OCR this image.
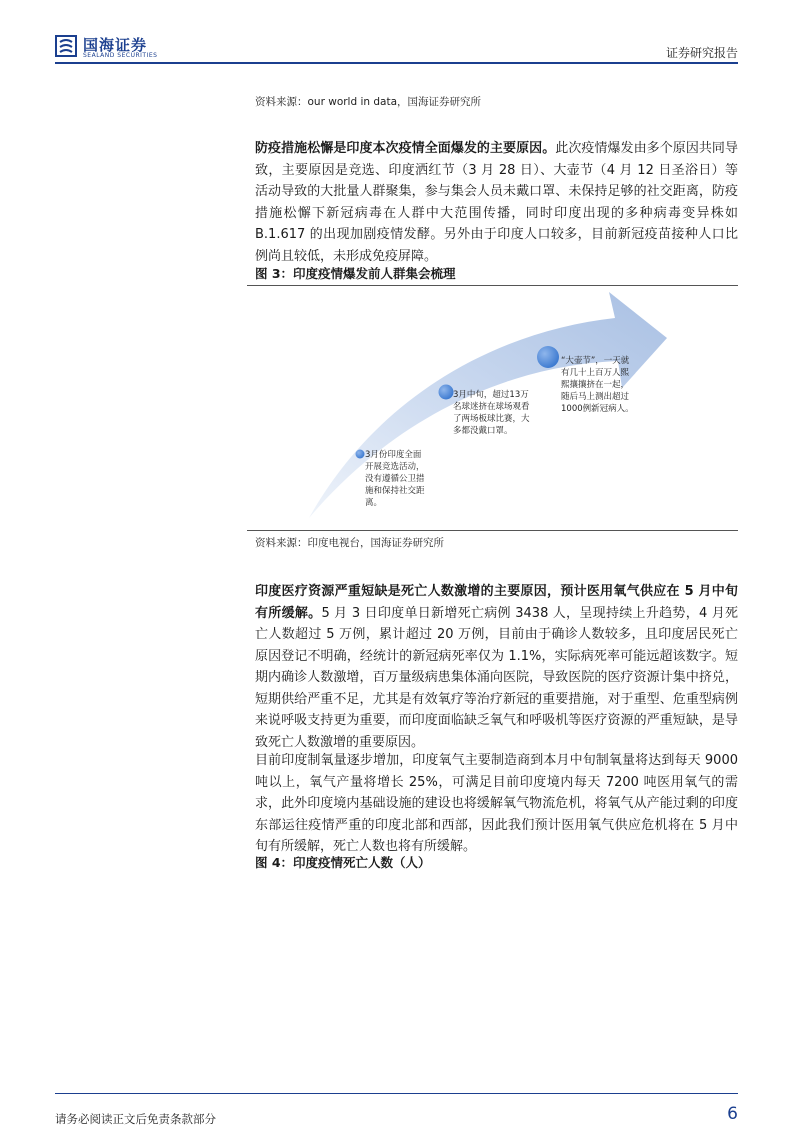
国海证券
SEALAND SECURITIES	证券研究报告
资料来源：our world in data，国海证券研究所
防疫措施松懈是印度本次疫情全面爆发的主要原因。此次疫情爆发由多个原因共同导致，主要原因是竞选、印度洒红节（3 月 28 日）、大壶节（4 月 12 日圣浴日）等活动导致的大批量人群聚集，参与集会人员未戴口罩、未保持足够的社交距离，防疫措施松懈下新冠病毒在人群中大范围传播，同时印度出现的多种病毒变异株如 B.1.617 的出现加剧疫情发酵。另外由于印度人口较多，目前新冠疫苗接种人口比例尚且较低，未形成免疫屏障。
图 3：印度疫情爆发前人群集会梳理
3月份印度全面开展竞选活动，没有遵循公卫措施和保持社交距离。
3月中旬，超过13万名球迷挤在球场观看了两场板球比赛，大多都没戴口罩。
“大壶节”，一天就有几十上百万人熙熙攘攘挤在一起，随后马上测出超过1000例新冠病人。
资料来源：印度电视台，国海证券研究所
印度医疗资源严重短缺是死亡人数激增的主要原因，预计医用氧气供应在 5 月中旬有所缓解。5 月 3 日印度单日新增死亡病例 3438 人，呈现持续上升趋势，4 月死亡人数超过 5 万例，累计超过 20 万例，目前由于确诊人数较多，且印度居民死亡原因登记不明确，经统计的新冠病死率仅为 1.1%，实际病死率可能远超该数字。短期内确诊人数激增，百万量级病患集体涌向医院，导致医院的医疗资源计集中挤兑，短期供给严重不足，尤其是有效氧疗等治疗新冠的重要措施，对于重型、危重型病例来说呼吸支持更为重要，而印度面临缺乏氧气和呼吸机等医疗资源的严重短缺，是导致死亡人数激增的重要原因。
目前印度制氧量逐步增加，印度氧气主要制造商到本月中旬制氧量将达到每天 9000 吨以上，氧气产量将增长 25%，可满足目前印度境内每天 7200 吨医用氧气的需求，此外印度境内基础设施的建设也将缓解氧气物流危机，将氧气从产能过剩的印度东部运往疫情严重的印度北部和西部，因此我们预计医用氧气供应危机将在 5 月中旬有所缓解，死亡人数也将有所缓解。
图 4：印度疫情死亡人数（人）
请务必阅读正文后免责条款部分	6
